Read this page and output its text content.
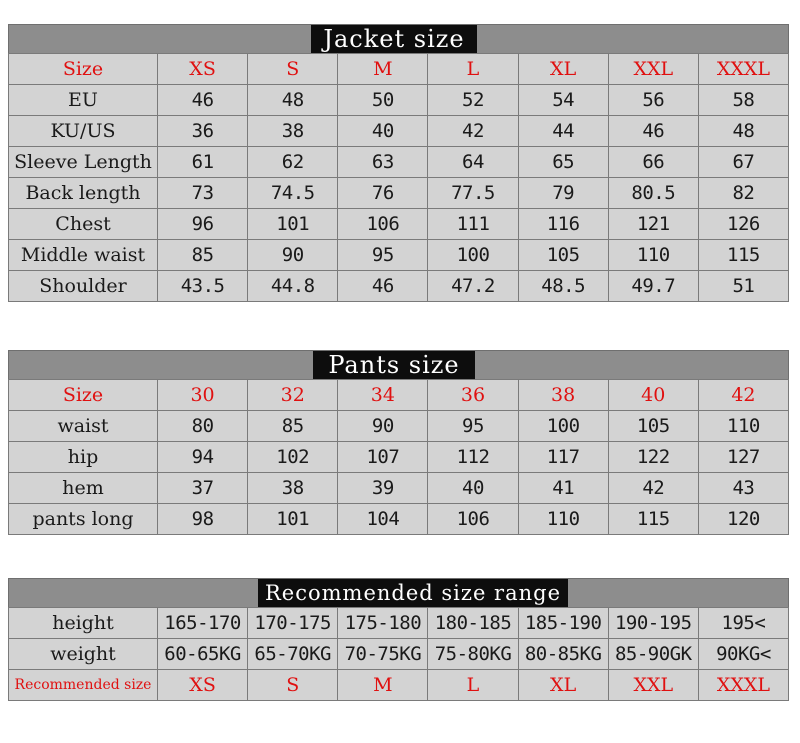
Jacket size
Size	XS	S	M	L	XL	XXL	XXXL
EU	46	48	50	52	54	56	58
KU/US	36	38	40	42	44	46	48
Sleeve Length	61	62	63	64	65	66	67
Back length	73	74.5	76	77.5	79	80.5	82
Chest	96	101	106	111	116	121	126
Middle waist	85	90	95	100	105	110	115
Shoulder	43.5	44.8	46	47.2	48.5	49.7	51
Pants size
Size	30	32	34	36	38	40	42
waist	80	85	90	95	100	105	110
hip	94	102	107	112	117	122	127
hem	37	38	39	40	41	42	43
pants long	98	101	104	106	110	115	120
Recommended size range
height	165-170	170-175	175-180	180-185	185-190	190-195	195<
weight	60-65KG	65-70KG	70-75KG	75-80KG	80-85KG	85-90GK	90KG<
Recommended size	XS	S	M	L	XL	XXL	XXXL
